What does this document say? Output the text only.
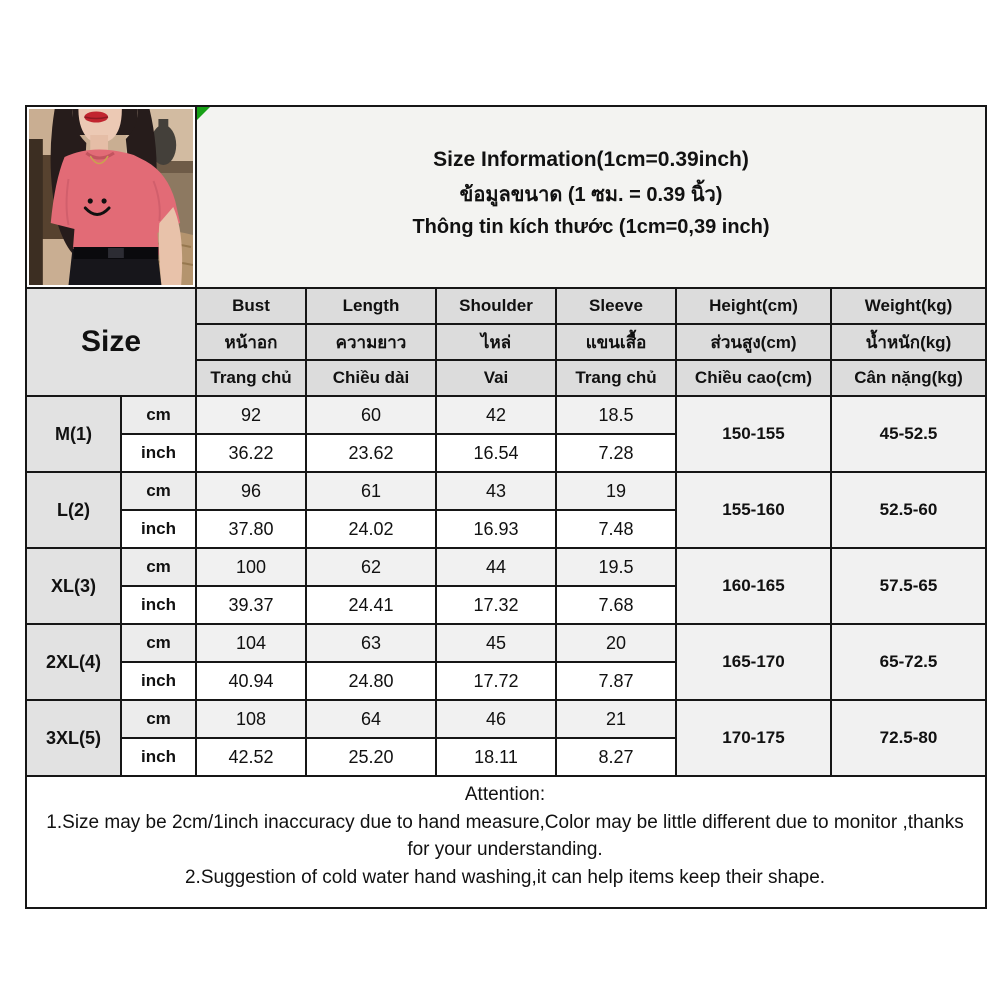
Size Information(1cm=0.39inch)
ข้อมูลขนาด (1 ซม. = 0.39 นิ้ว)
Thông tin kích thước (1cm=0,39 inch)					

Size		Bust	Length	Shoulder	Sleeve	Height(cm)	Weight(kg)
		หน้าอก	ความยาว	ไหล่	แขนเสื้อ	ส่วนสูง(cm)	น้ำหนัก(kg)
		Trang chủ	Chiều dài	Vai	Trang chủ	Chiều cao(cm)	Cân nặng(kg)
M(1)	cm	92	60	42	18.5	150-155	45-52.5
	inch	36.22	23.62	16.54	7.28		
L(2)	cm	96	61	43	19	155-160	52.5-60
	inch	37.80	24.02	16.93	7.48		
XL(3)	cm	100	62	44	19.5	160-165	57.5-65
	inch	39.37	24.41	17.32	7.68		
2XL(4)	cm	104	63	45	20	165-170	65-72.5
	inch	40.94	24.80	17.72	7.87		
3XL(5)	cm	108	64	46	21	170-175	72.5-80
	inch	42.52	25.20	18.11	8.27		

Attention:
1.Size may be 2cm/1inch inaccuracy due to hand measure,Color may be little different due to monitor ,thanks for your understanding.
2.Suggestion of cold water hand washing,it can help items keep their shape.							
